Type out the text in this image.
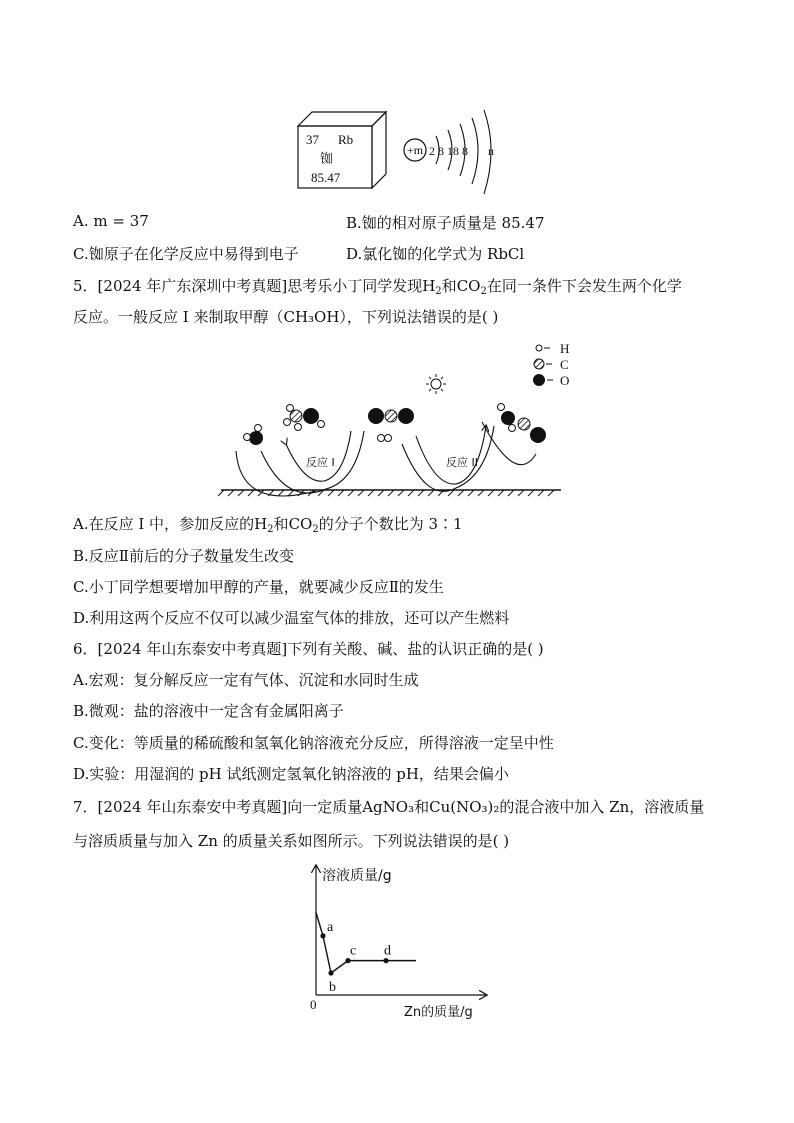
37 Rb
铷
85.47
+m 2 8 18 8 n
A. m = 37	B.铷的相对原子质量是 85.47
C.铷原子在化学反应中易得到电子	D.氯化铷的化学式为 RbCl
5．[2024 年广东深圳中考真题]思考乐小丁同学发现$H_2$和$CO_2$在同一条件下会发生两个化学
反应。一般反应 I 来制取甲醇（CH₃OH），下列说法错误的是( )
H
C
O
反应 I	反应 II
A.在反应 I 中，参加反应的$H_2$和$CO_2$的分子个数比为 3∶1
B.反应Ⅱ前后的分子数量发生改变
C.小丁同学想要增加甲醇的产量，就要减少反应Ⅱ的发生
D.利用这两个反应不仅可以减少温室气体的排放，还可以产生燃料
6．[2024 年山东泰安中考真题]下列有关酸、碱、盐的认识正确的是( )
A.宏观：复分解反应一定有气体、沉淀和水同时生成
B.微观：盐的溶液中一定含有金属阳离子
C.变化：等质量的稀硫酸和氢氧化钠溶液充分反应，所得溶液一定呈中性
D.实验：用湿润的 pH 试纸测定氢氧化钠溶液的 pH，结果会偏小
7．[2024 年山东泰安中考真题]向一定质量AgNO₃和Cu(NO₃)₂的混合液中加入 Zn，溶液质量
与溶质质量与加入 Zn 的质量关系如图所示。下列说法错误的是( )
溶液质量/g
Zn的质量/g
0
a
b
c d
